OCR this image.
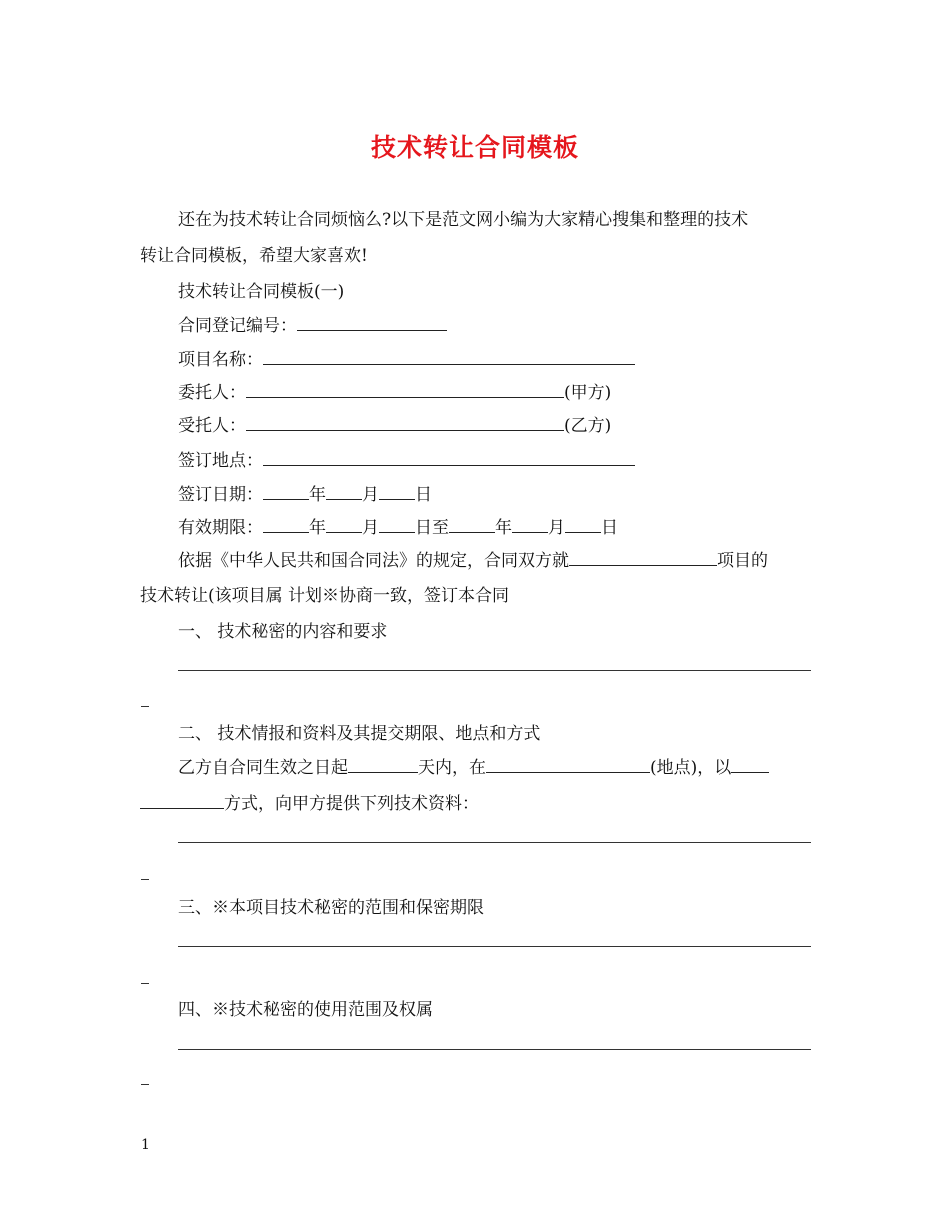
技术转让合同模板
还在为技术转让合同烦恼么?以下是范文网小编为大家精心搜集和整理的技术
转让合同模板，希望大家喜欢!
技术转让合同模板(一)
合同登记编号：
项目名称：
委托人：	(甲方)
受托人：	(乙方)
签订地点：
签订日期：	年 月 日
有效期限：	年 月 日至	年 月 日
依据《中华人民共和国合同法》的规定，合同双方就	项目的
技术转让(该项目属 计划※协商一致，签订本合同
一、 技术秘密的内容和要求
二、 技术情报和资料及其提交期限、地点和方式
乙方自合同生效之日起	天内，在	(地点)，以
方式，向甲方提供下列技术资料：
三、※本项目技术秘密的范围和保密期限
四、※技术秘密的使用范围及权属
1
